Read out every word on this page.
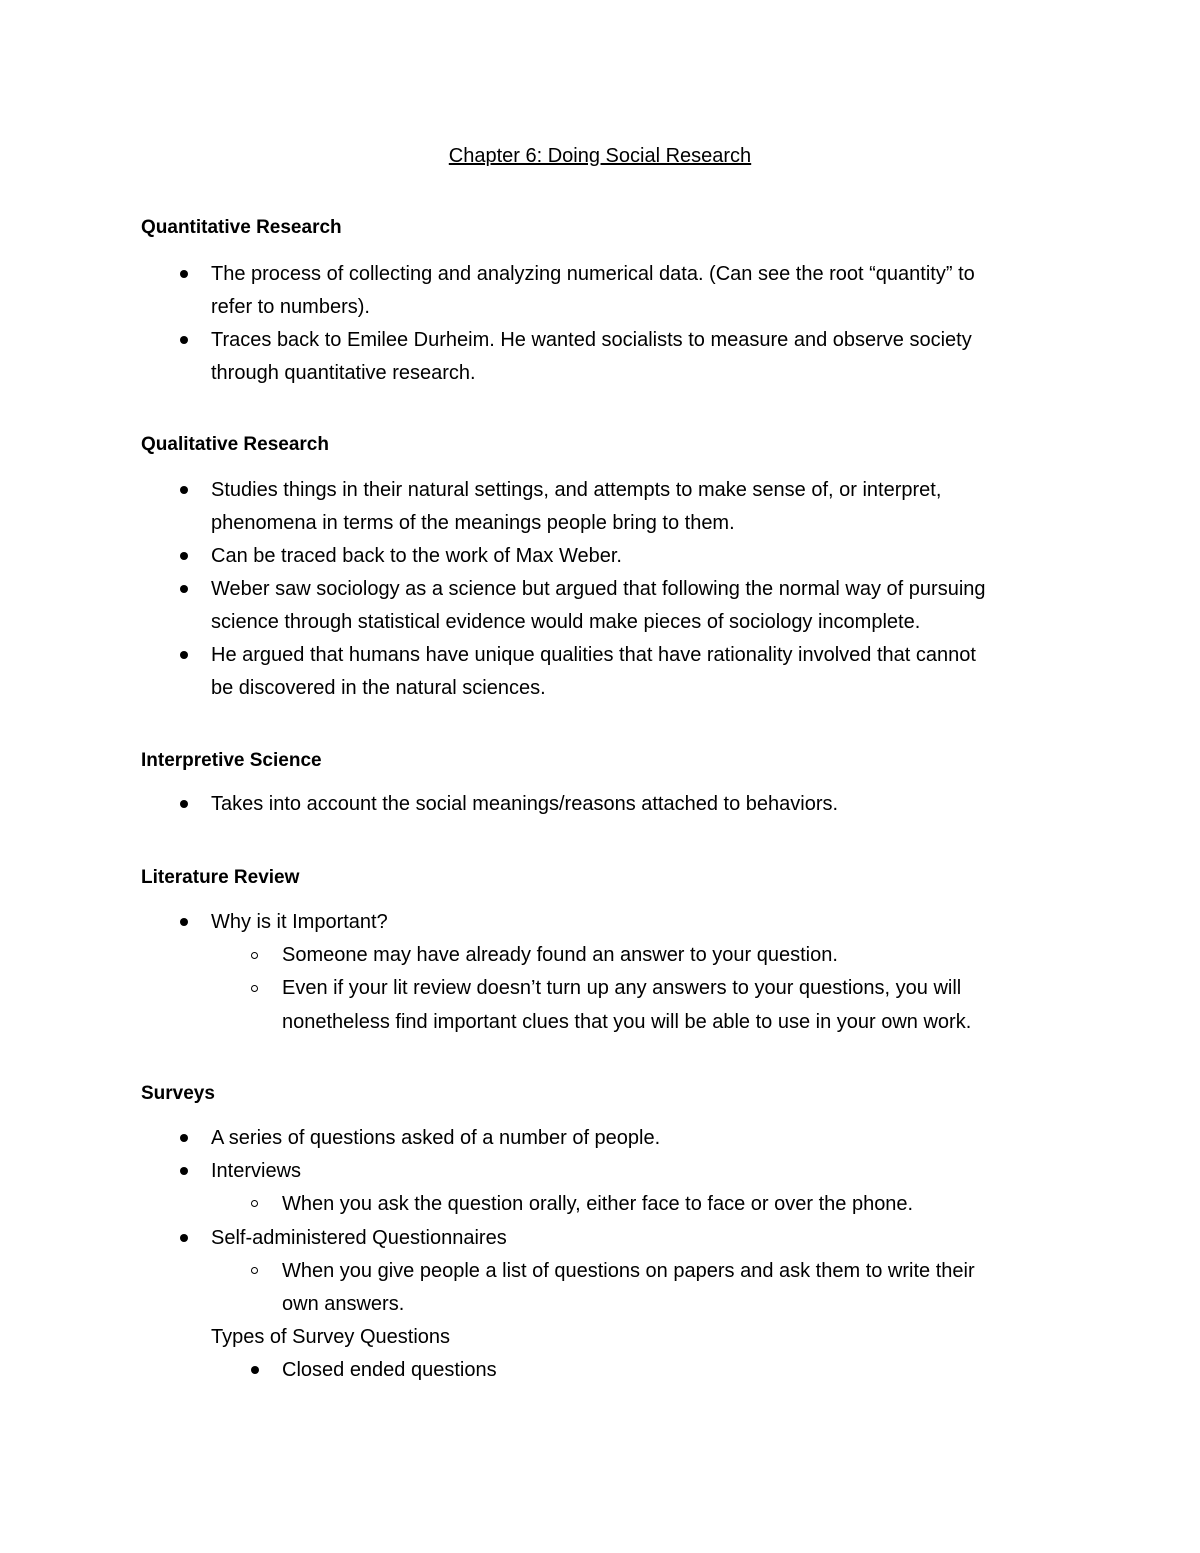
Chapter 6: Doing Social Research
Quantitative Research

The process of collecting and analyzing numerical data. (Can see the root “quantity” to

refer to numbers).

Traces back to Emilee Durheim. He wanted socialists to measure and observe society

through quantitative research.

Qualitative Research

Studies things in their natural settings, and attempts to make sense of, or interpret,

phenomena in terms of the meanings people bring to them.

Can be traced back to the work of Max Weber.

Weber saw sociology as a science but argued that following the normal way of pursuing

science through statistical evidence would make pieces of sociology incomplete.

He argued that humans have unique qualities that have rationality involved that cannot

be discovered in the natural sciences.

Interpretive Science

Takes into account the social meanings/reasons attached to behaviors.

Literature Review

Why is it Important?

Someone may have already found an answer to your question.

Even if your lit review doesn’t turn up any answers to your questions, you will

nonetheless find important clues that you will be able to use in your own work.

Surveys

A series of questions asked of a number of people.

Interviews

When you ask the question orally, either face to face or over the phone.

Self-administered Questionnaires

When you give people a list of questions on papers and ask them to write their

own answers.

Types of Survey Questions

Closed ended questions
